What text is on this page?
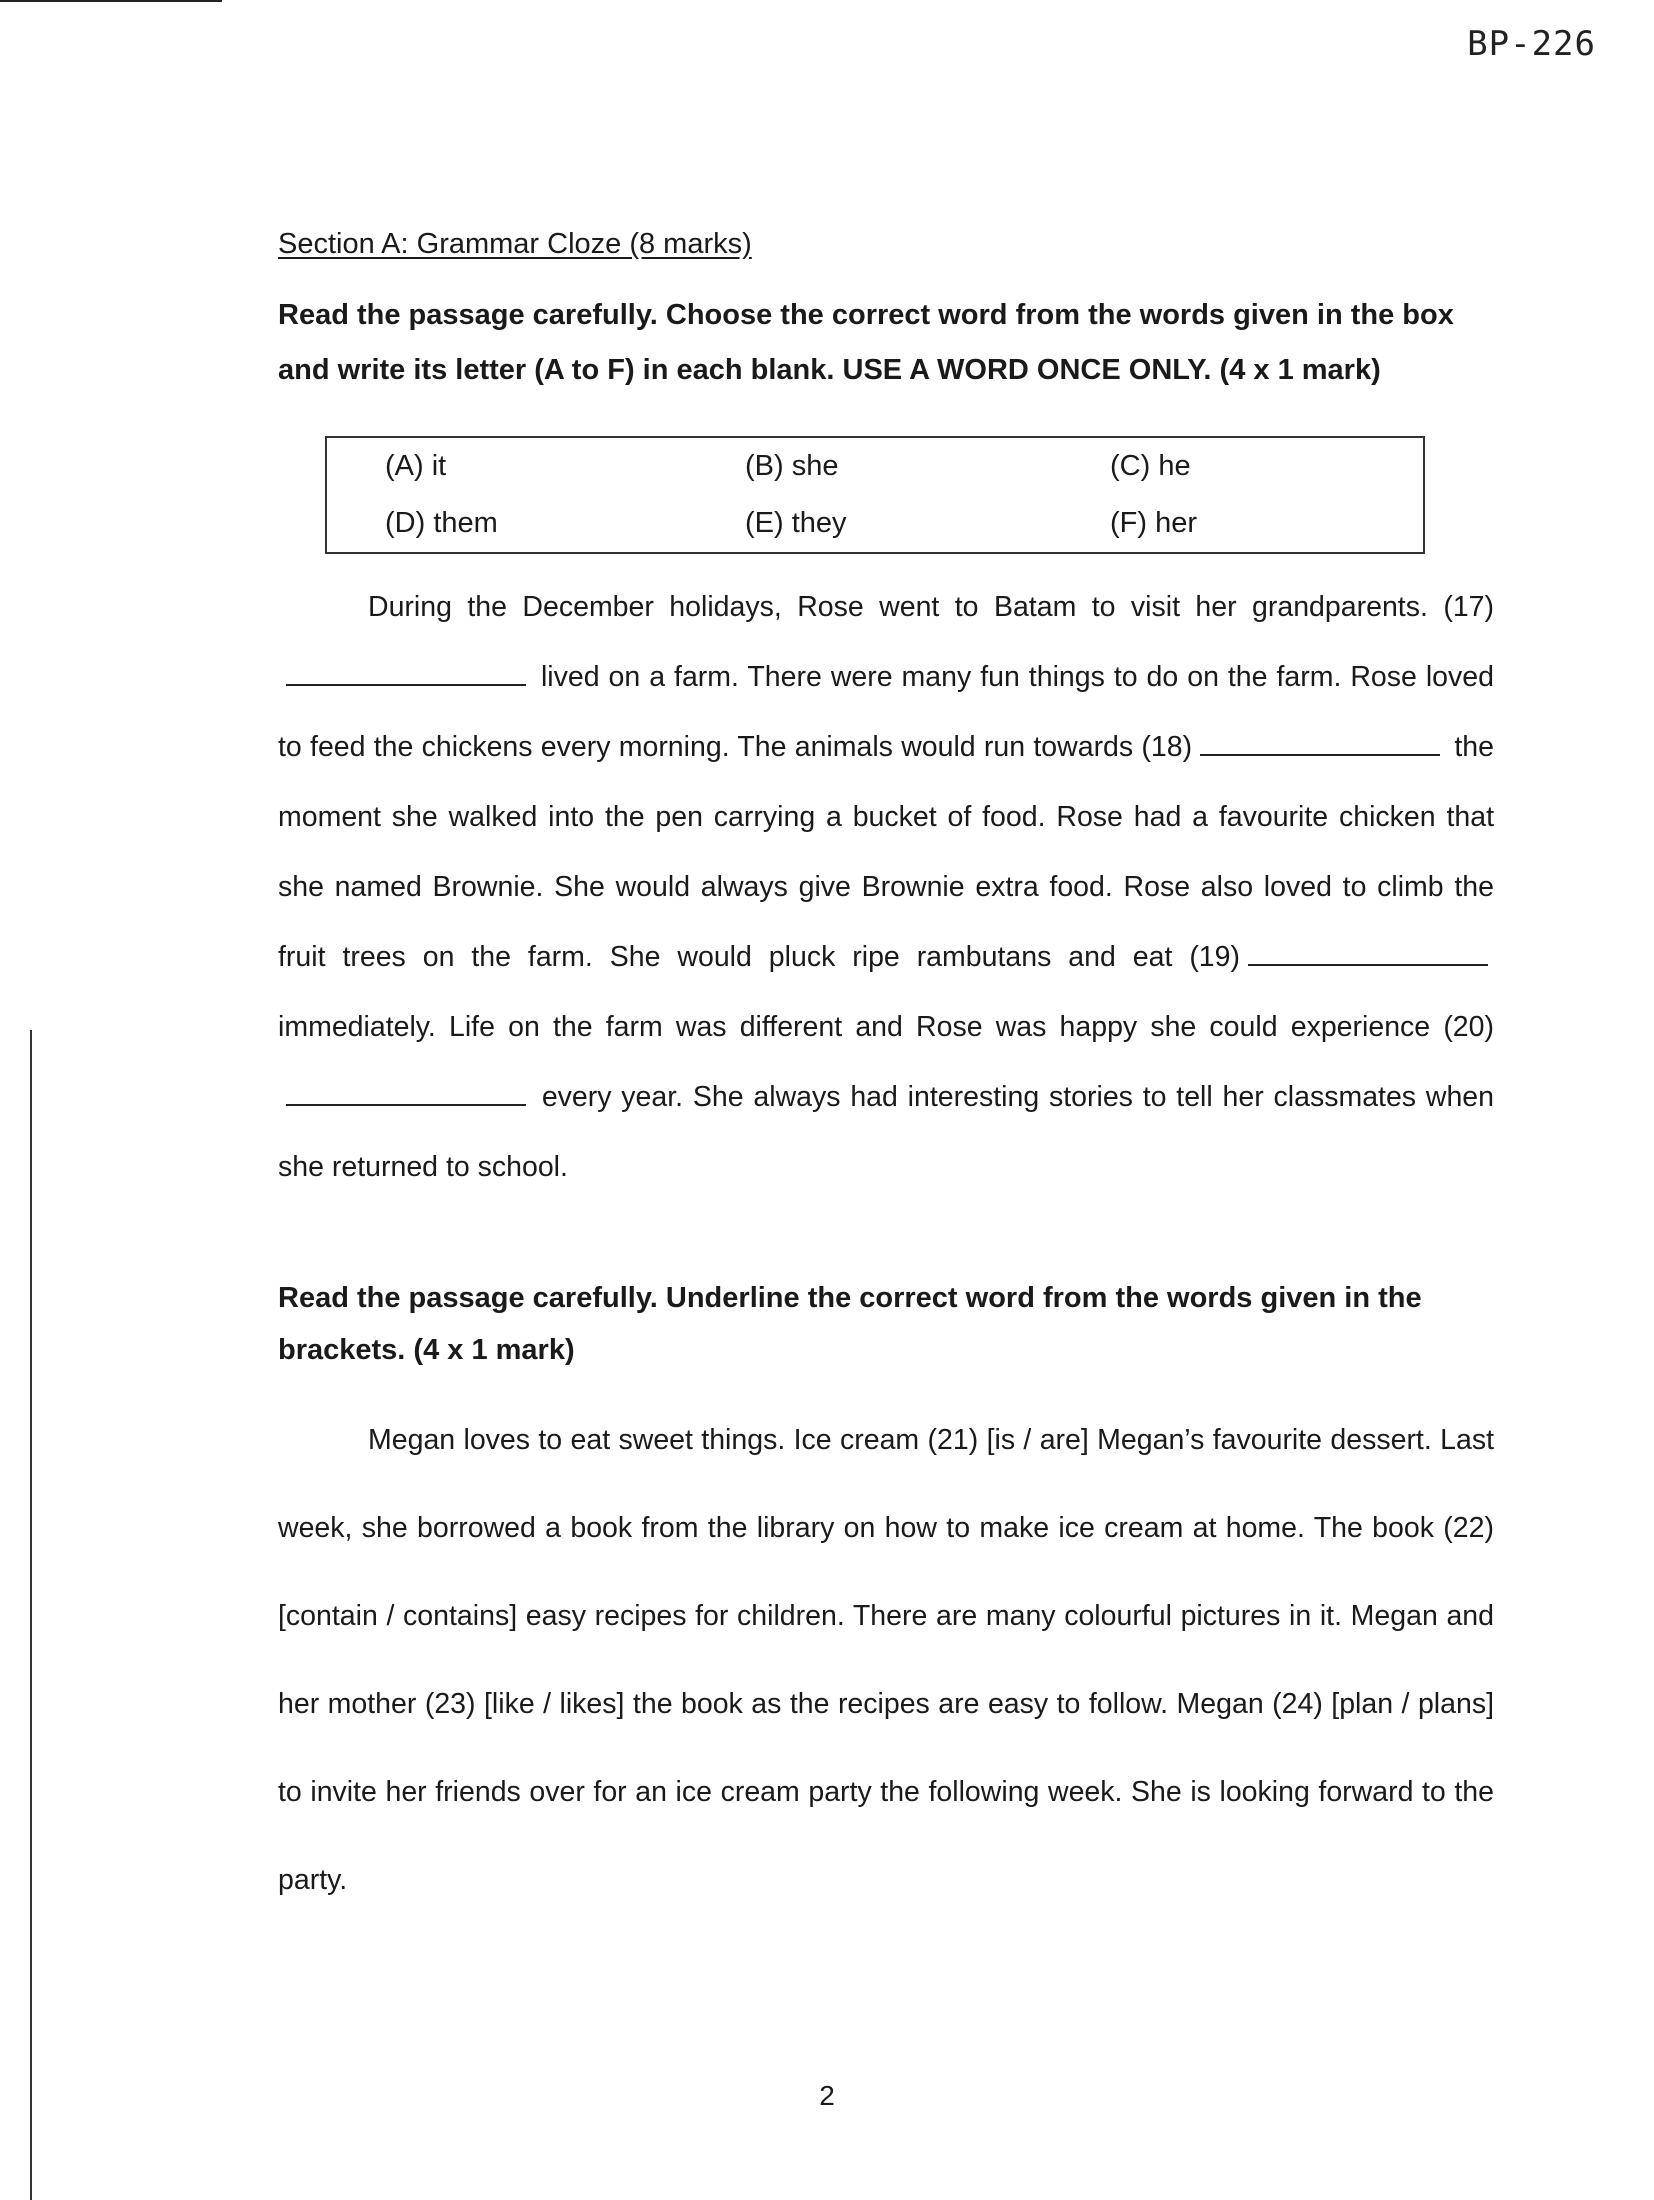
BP-226
Section A: Grammar Cloze (8 marks)

Read the passage carefully. Choose the correct word from the words given in the box and write its letter (A to F) in each blank. USE A WORD ONCE ONLY. (4 x 1 mark)

(A) it	(B) she	(C) he
(D) them	(E) they	(F) her

During the December holidays, Rose went to Batam to visit her grandparents. (17) lived on a farm. There were many fun things to do on the farm. Rose loved to feed the chickens every morning. The animals would run towards (18)	the moment she walked into the pen carrying a bucket of food. Rose had a favourite chicken that she named Brownie. She would always give Brownie extra food. Rose also loved to climb the fruit trees on the farm. She would pluck ripe rambutans and eat (19) immediately. Life on the farm was different and Rose was happy she could experience (20) every year. She always had interesting stories to tell her classmates when she returned to school.

Read the passage carefully. Underline the correct word from the words given in the brackets. (4 x 1 mark)

Megan loves to eat sweet things. Ice cream (21) [is / are] Megan’s favourite dessert. Last week, she borrowed a book from the library on how to make ice cream at home. The book (22) [contain / contains] easy recipes for children. There are many colourful pictures in it. Megan and her mother (23) [like / likes] the book as the recipes are easy to follow. Megan (24) [plan / plans] to invite her friends over for an ice cream party the following week. She is looking forward to the party.

2
